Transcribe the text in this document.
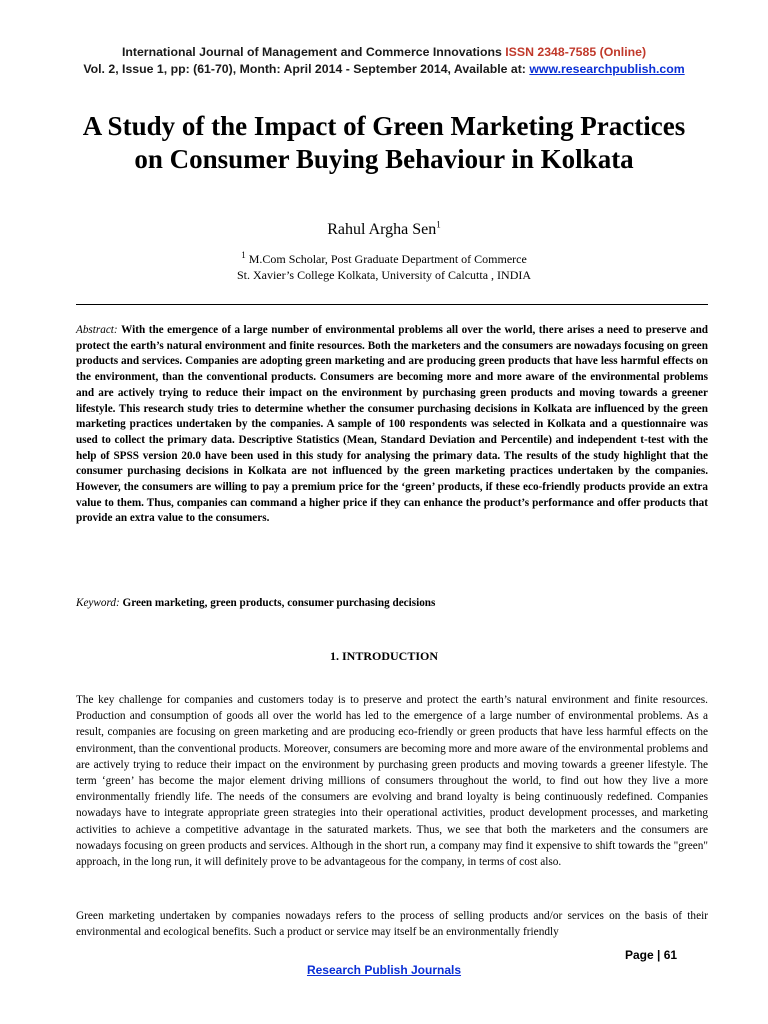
International Journal of Management and Commerce Innovations ISSN 2348-7585 (Online)
Vol. 2, Issue 1, pp: (61-70), Month: April 2014 - September 2014, Available at: www.researchpublish.com
A Study of the Impact of Green Marketing Practices on Consumer Buying Behaviour in Kolkata
Rahul Argha Sen$^1$
$^1$ M.Com Scholar, Post Graduate Department of Commerce
St. Xavier’s College Kolkata, University of Calcutta , INDIA
Abstract: With the emergence of a large number of environmental problems all over the world, there arises a need to preserve and protect the earth’s natural environment and finite resources. Both the marketers and the consumers are nowadays focusing on green products and services. Companies are adopting green marketing and are producing green products that have less harmful effects on the environment, than the conventional products. Consumers are becoming more and more aware of the environmental problems and are actively trying to reduce their impact on the environment by purchasing green products and moving towards a greener lifestyle. This research study tries to determine whether the consumer purchasing decisions in Kolkata are influenced by the green marketing practices undertaken by the companies. A sample of 100 respondents was selected in Kolkata and a questionnaire was used to collect the primary data. Descriptive Statistics (Mean, Standard Deviation and Percentile) and independent t-test with the help of SPSS version 20.0 have been used in this study for analysing the primary data. The results of the study highlight that the consumer purchasing decisions in Kolkata are not influenced by the green marketing practices undertaken by the companies. However, the consumers are willing to pay a premium price for the ‘green’ products, if these eco-friendly products provide an extra value to them. Thus, companies can command a higher price if they can enhance the product’s performance and offer products that provide an extra value to the consumers.
Keyword: Green marketing, green products, consumer purchasing decisions
1. INTRODUCTION

The key challenge for companies and customers today is to preserve and protect the earth’s natural environment and finite resources. Production and consumption of goods all over the world has led to the emergence of a large number of environmental problems. As a result, companies are focusing on green marketing and are producing eco-friendly or green products that have less harmful effects on the environment, than the conventional products. Moreover, consumers are becoming more and more aware of the environmental problems and are actively trying to reduce their impact on the environment by purchasing green products and moving towards a greener lifestyle. The term ‘green’ has become the major element driving millions of consumers throughout the world, to find out how they live a more environmentally friendly life. The needs of the consumers are evolving and brand loyalty is being continuously redefined. Companies nowadays have to integrate appropriate green strategies into their operational activities, product development processes, and marketing activities to achieve a competitive advantage in the saturated markets. Thus, we see that both the marketers and the consumers are nowadays focusing on green products and services. Although in the short run, a company may find it expensive to shift towards the "green" approach, in the long run, it will definitely prove to be advantageous for the company, in terms of cost also.

Green marketing undertaken by companies nowadays refers to the process of selling products and/or services on the basis of their environmental and ecological benefits. Such a product or service may itself be an environmentally friendly

Page | 61
Research Publish Journals
